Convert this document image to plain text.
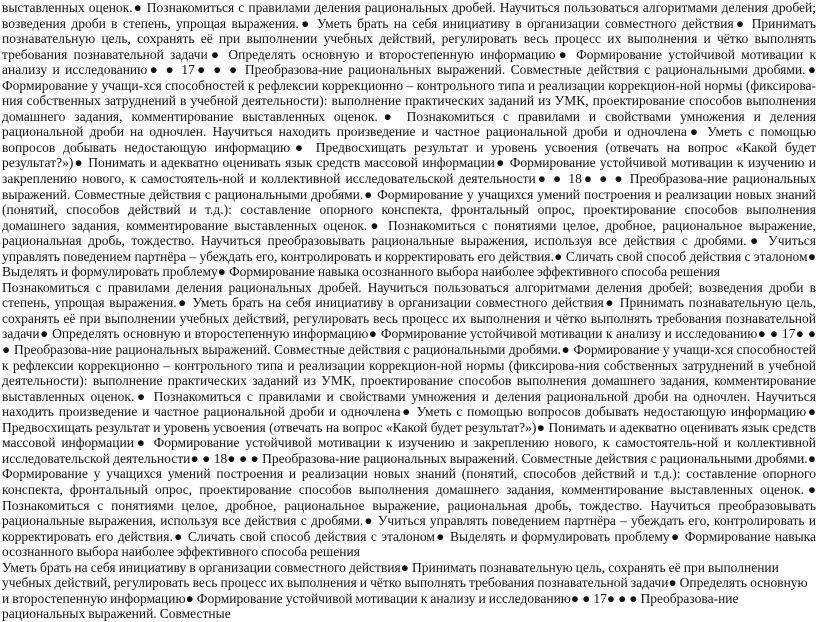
выставленных оценок.● Познакомиться с правилами деления рациональных дробей. Научиться пользоваться алгоритмами деления дробей; возведения дроби в степень, упрощая выражения.● Уметь брать на себя инициативу в организации совместного действия● Принимать познавательную цель, сохранять её при выполнении учебных действий, регулировать весь процесс их выполнения и чётко выполнять требования познавательной задачи● Определять основную и второстепенную информацию● Формирование устойчивой мотивации к анализу и исследованию● ● 17● ● ● Преобразова-ние рациональных выражений. Совместные действия с рациональными дробями.● Формирование у учащи-хся способностей к рефлексии коррекционно – контрольного типа и реализации коррекцион-ной нормы (фиксирова-ния собственных затруднений в учебной деятельности): выполнение практических заданий из УМК, проектирование способов выполнения домашнего задания, комментирование выставленных оценок.● Познакомиться с правилами и свойствами умножения и деления рациональной дроби на одночлен. Научиться находить произведение и частное рациональной дроби и одночлена● Уметь с помощью вопросов добывать недостающую информацию● Предвосхищать результат и уровень усвоения (отвечать на вопрос «Какой будет результат?»)● Понимать и адекватно оценивать язык средств массовой информации● Формирование устойчивой мотивации к изучению и закреплению нового, к самостоятель-ной и коллективной исследовательской деятельности● ● 18● ● ● Преобразова-ние рациональных выражений. Совместные действия с рациональными дробями.● Формирование у учащихся умений построения и реализации новых знаний (понятий, способов действий и т.д.): составление опорного конспекта, фронтальный опрос, проектирование способов выполнения домашнего задания, комментирование выставленных оценок.● Познакомиться с понятиями целое, дробное, рациональное выражение, рациональная дробь, тождество. Научиться преобразовывать рациональные выражения, используя все действия с дробями.● Учиться управлять поведением партнёра – убеждать его, контролировать и корректировать его действия.● Сличать свой способ действия с эталоном● Выделять и формулировать проблему● Формирование навыка осознанного выбора наиболее эффективного способа решения

Познакомиться с правилами деления рациональных дробей. Научиться пользоваться алгоритмами деления дробей; возведения дроби в степень, упрощая выражения.● Уметь брать на себя инициативу в организации совместного действия● Принимать познавательную цель, сохранять её при выполнении учебных действий, регулировать весь процесс их выполнения и чётко выполнять требования познавательной задачи● Определять основную и второстепенную информацию● Формирование устойчивой мотивации к анализу и исследованию● ● 17● ● ● Преобразова-ние рациональных выражений. Совместные действия с рациональными дробями.● Формирование у учащи-хся способностей к рефлексии коррекционно – контрольного типа и реализации коррекцион-ной нормы (фиксирова-ния собственных затруднений в учебной деятельности): выполнение практических заданий из УМК, проектирование способов выполнения домашнего задания, комментирование выставленных оценок.● Познакомиться с правилами и свойствами умножения и деления рациональной дроби на одночлен. Научиться находить произведение и частное рациональной дроби и одночлена● Уметь с помощью вопросов добывать недостающую информацию● Предвосхищать результат и уровень усвоения (отвечать на вопрос «Какой будет результат?»)● Понимать и адекватно оценивать язык средств массовой информации● Формирование устойчивой мотивации к изучению и закреплению нового, к самостоятель-ной и коллективной исследовательской деятельности● ● 18● ● ● Преобразова-ние рациональных выражений. Совместные действия с рациональными дробями.● Формирование у учащихся умений построения и реализации новых знаний (понятий, способов действий и т.д.): составление опорного конспекта, фронтальный опрос, проектирование способов выполнения домашнего задания, комментирование выставленных оценок.● Познакомиться с понятиями целое, дробное, рациональное выражение, рациональная дробь, тождество. Научиться преобразовывать рациональные выражения, используя все действия с дробями.● Учиться управлять поведением партнёра – убеждать его, контролировать и корректировать его действия.● Сличать свой способ действия с эталоном● Выделять и формулировать проблему● Формирование навыка осознанного выбора наиболее эффективного способа решения

Уметь брать на себя инициативу в организации совместного действия● Принимать познавательную цель, сохранять её при выполнении учебных действий, регулировать весь процесс их выполнения и чётко выполнять требования познавательной задачи● Определять основную и второстепенную информацию● Формирование устойчивой мотивации к анализу и исследованию● ● 17● ● ● Преобразова-ние рациональных выражений. Совместные
